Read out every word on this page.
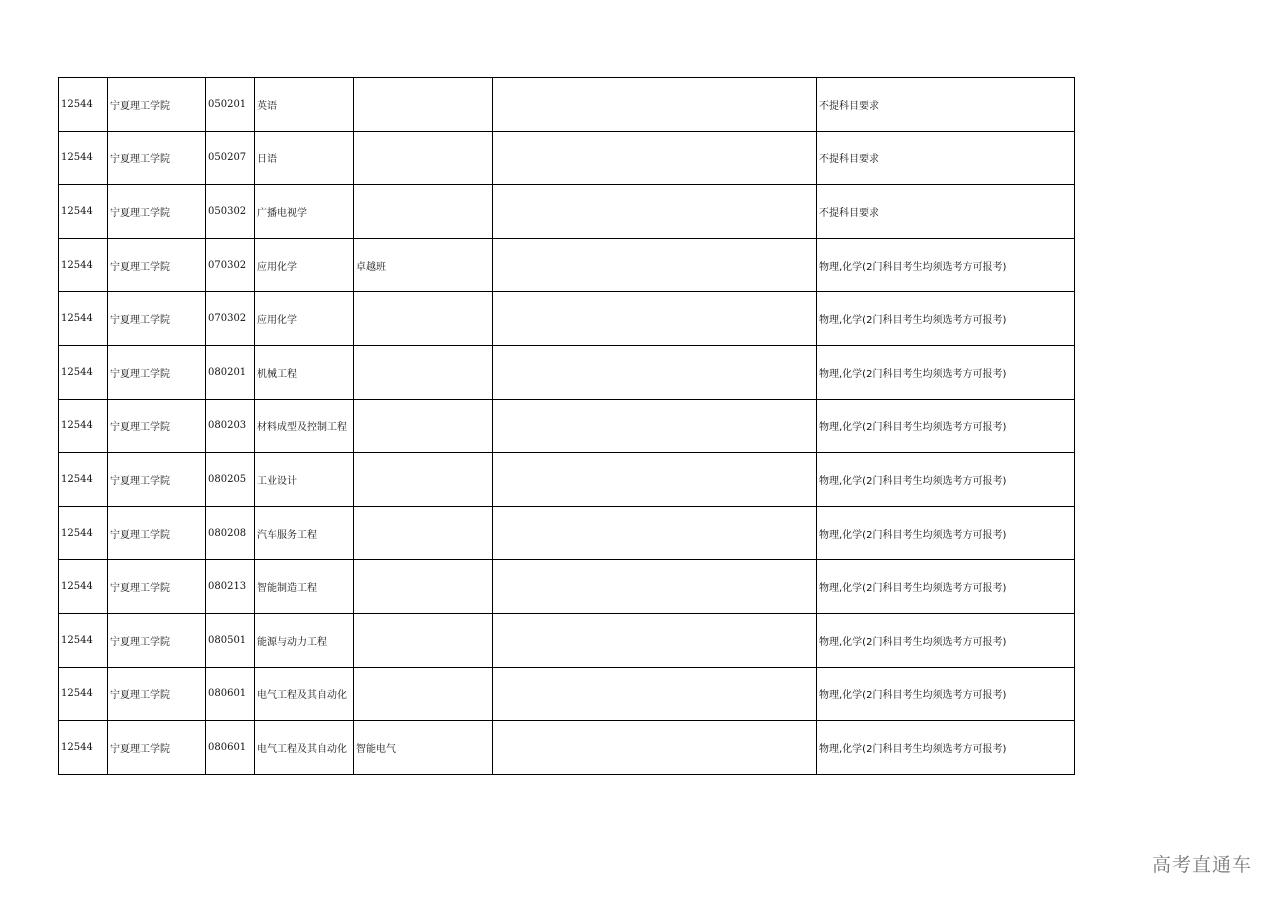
12544	宁夏理工学院	050201	英语			不提科目要求
12544	宁夏理工学院	050207	日语			不提科目要求
12544	宁夏理工学院	050302	广播电视学			不提科目要求
12544	宁夏理工学院	070302	应用化学	卓越班		物理,化学(2门科目考生均须选考方可报考)
12544	宁夏理工学院	070302	应用化学			物理,化学(2门科目考生均须选考方可报考)
12544	宁夏理工学院	080201	机械工程			物理,化学(2门科目考生均须选考方可报考)
12544	宁夏理工学院	080203	材料成型及控制工程			物理,化学(2门科目考生均须选考方可报考)
12544	宁夏理工学院	080205	工业设计			物理,化学(2门科目考生均须选考方可报考)
12544	宁夏理工学院	080208	汽车服务工程			物理,化学(2门科目考生均须选考方可报考)
12544	宁夏理工学院	080213	智能制造工程			物理,化学(2门科目考生均须选考方可报考)
12544	宁夏理工学院	080501	能源与动力工程			物理,化学(2门科目考生均须选考方可报考)
12544	宁夏理工学院	080601	电气工程及其自动化			物理,化学(2门科目考生均须选考方可报考)
12544	宁夏理工学院	080601	电气工程及其自动化	智能电气		物理,化学(2门科目考生均须选考方可报考)
高考直通车
